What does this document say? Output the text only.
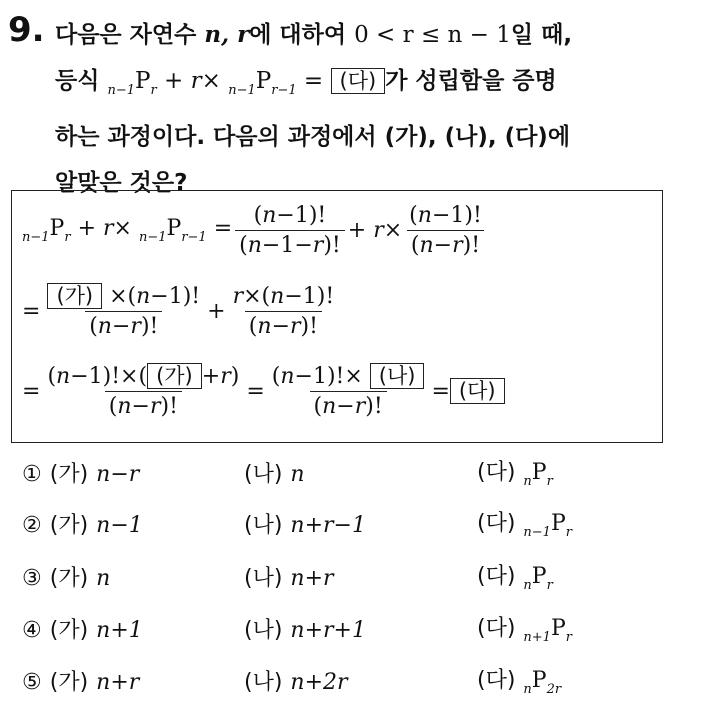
9. 다음은 자연수 n, r에 대하여 0 < r ≤ n − 1일 때,
등식 $_{n-1}P_r + r\times _{n-1}P_{r-1}$ = (다) 가 성립함을 증명
하는 과정이다. 다음의 과정에서 (가), (나), (다)에
알맞은 것은?
$_{n-1}P_r + r\times _{n-1}P_{r-1} = \frac{(n-1)!}{(n-1-r)!} + r\times \frac{(n-1)!}{(n-r)!}$
= $\frac{\text{(가) ×(n−1)!}}{(n-r)!} + \frac{r\times(n-1)!}{(n-r)!}$
= $\frac{\text{(n−1)!×( (가) +r)}}{(n-r)!} = \frac{\text{(n−1)!× (나)}}{(n-r)!}$ = (다)
① (가) n−r	(나) n	(다) $_nP_r$
② (가) n−1	(나) n+r−1	(다) $_{n-1}P_r$
③ (가) n	(나) n+r	(다) $_nP_r$
④ (가) n+1	(나) n+r+1	(다) $_{n+1}P_r$
⑤ (가) n+r	(나) n+2r	(다) $_nP_{2r}$
